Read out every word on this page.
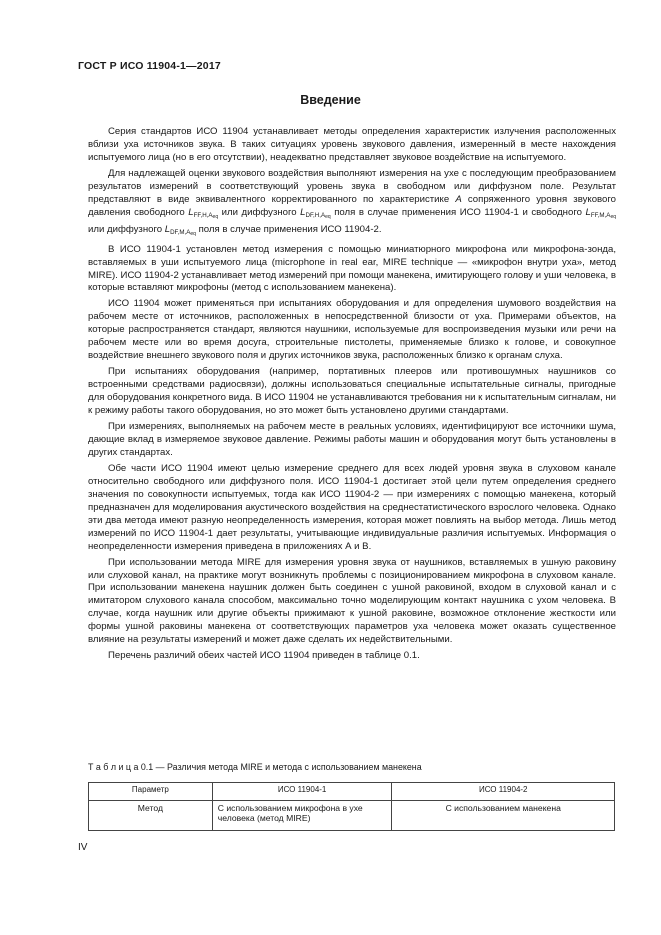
ГОСТ Р ИСО 11904-1—2017
Введение

Серия стандартов ИСО 11904 устанавливает методы определения характеристик излучения расположенных вблизи уха источников звука. В таких ситуациях уровень звукового давления, измеренный в месте нахождения испытуемого лица (но в его отсутствии), неадекватно представляет звуковое воздействие на испытуемого.

Для надлежащей оценки звукового воздействия выполняют измерения на ухе с последующим преобразованием результатов измерений в соответствующий уровень звука в свободном или диффузном поле. Результат представляют в виде эквивалентного корректированного по характеристике A сопряженного уровня звукового давления свободного $L_{FF,H,Aeq}$ или диффузного $L_{DF,H,Aeq}$ поля в случае применения ИСО 11904-1 и свободного $L_{FF,M,Aeq}$ или диффузного $L_{DF,M,Aeq}$ поля в случае применения ИСО 11904-2.

В ИСО 11904-1 установлен метод измерения с помощью миниатюрного микрофона или микрофона-зонда, вставляемых в уши испытуемого лица (microphone in real ear, MIRE technique — «микрофон внутри уха», метод MIRE). ИСО 11904-2 устанавливает метод измерений при помощи манекена, имитирующего голову и уши человека, в которые вставляют микрофоны (метод с использованием манекена).

ИСО 11904 может применяться при испытаниях оборудования и для определения шумового воздействия на рабочем месте от источников, расположенных в непосредственной близости от уха. Примерами объектов, на которые распространяется стандарт, являются наушники, используемые для воспроизведения музыки или речи на рабочем месте или во время досуга, строительные пистолеты, применяемые близко к голове, и совокупное воздействие внешнего звукового поля и других источников звука, расположенных близко к органам слуха.

При испытаниях оборудования (например, портативных плееров или противошумных наушников со встроенными средствами радиосвязи), должны использоваться специальные испытательные сигналы, пригодные для оборудования конкретного вида. В ИСО 11904 не устанавливаются требования ни к испытательным сигналам, ни к режиму работы такого оборудования, но это может быть установлено другими стандартами.

При измерениях, выполняемых на рабочем месте в реальных условиях, идентифицируют все источники шума, дающие вклад в измеряемое звуковое давление. Режимы работы машин и оборудования могут быть установлены в других стандартах.

Обе части ИСО 11904 имеют целью измерение среднего для всех людей уровня звука в слуховом канале относительно свободного или диффузного поля. ИСО 11904-1 достигает этой цели путем определения среднего значения по совокупности испытуемых, тогда как ИСО 11904-2 — при измерениях с помощью манекена, который предназначен для моделирования акустического воздействия на среднестатистического взрослого человека. Однако эти два метода имеют разную неопределенность измерения, которая может повлиять на выбор метода. Лишь метод измерений по ИСО 11904-1 дает результаты, учитывающие индивидуальные различия испытуемых. Информация о неопределенности измерения приведена в приложениях А и В.

При использовании метода MIRE для измерения уровня звука от наушников, вставляемых в ушную раковину или слуховой канал, на практике могут возникнуть проблемы с позиционированием микрофона в слуховом канале. При использовании манекена наушник должен быть соединен с ушной раковиной, входом в слуховой канал и с имитатором слухового канала способом, максимально точно моделирующим контакт наушника с ухом человека. В случае, когда наушник или другие объекты прижимают к ушной раковине, возможное отклонение жесткости или формы ушной раковины манекена от соответствующих параметров уха человека может оказать существенное влияние на результаты измерений и может даже сделать их недействительными.

Перечень различий обеих частей ИСО 11904 приведен в таблице 0.1.

Т а б л и ц а 0.1 — Различия метода MIRE и метода с использованием манекена
Параметр	ИСО 11904-1	ИСО 11904-2
Метод	С использованием микрофона в ухе человека (метод MIRE)	С использованием манекена
IV
